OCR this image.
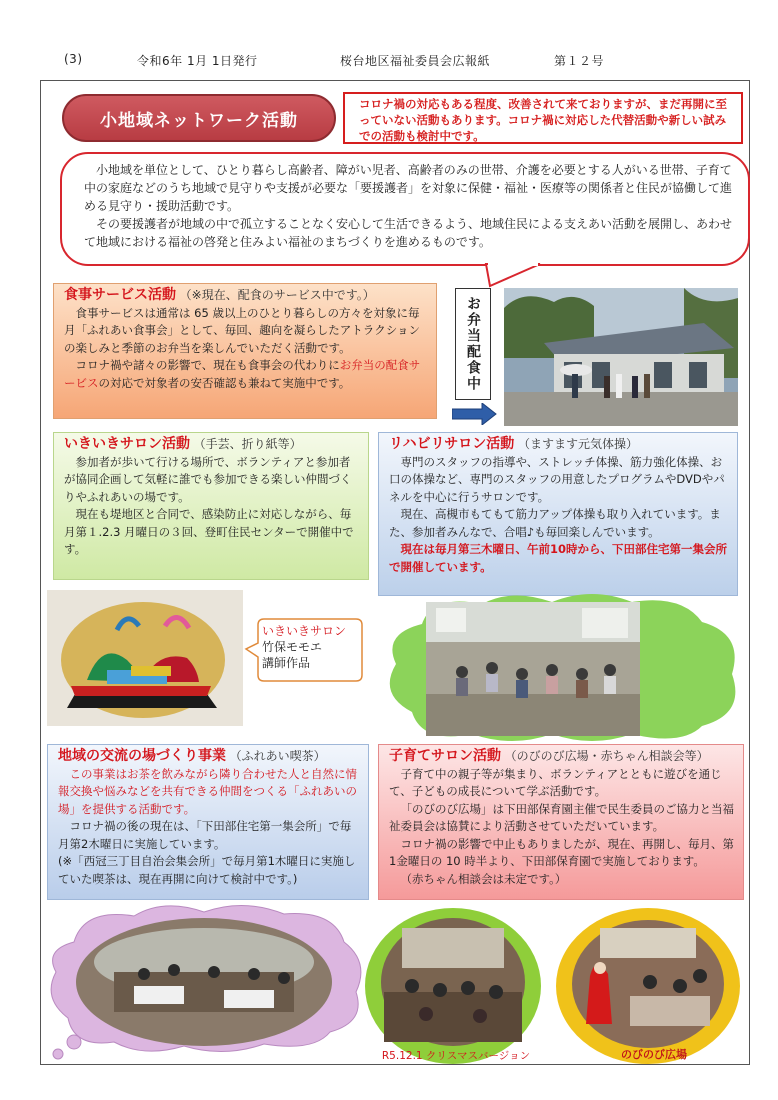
(3)	令和6年 1月 1日発行	桜台地区福祉委員会広報紙	第１２号
小地域ネットワーク活動
コロナ禍の対応もある程度、改善されて来ておりますが、まだ再開に至っていない活動もあります。コロナ禍に対応した代替活動や新しい試みでの活動も検討中です。

小地域を単位として、ひとり暮らし高齢者、障がい児者、高齢者のみの世帯、介護を必要とする人がいる世帯、子育て中の家庭などのうち地域で見守りや支援が必要な「要援護者」を対象に保健・福祉・医療等の関係者と住民が協働して進める見守り・援助活動です。

その要援護者が地域の中で孤立することなく安心して生活できるよう、地域住民による支えあい活動を展開し、あわせて地域における福祉の啓発と住みよい福祉のまちづくりを進めるものです。

食事サービス活動 （※現在、配食のサービス中です。）

食事サービスは通常は 65 歳以上のひとり暮らしの方々を対象に毎月「ふれあい食事会」として、毎回、趣向を凝らしたアトラクションの楽しみと季節のお弁当を楽しんでいただく活動です。

コロナ禍や諸々の影響で、現在も食事会の代わりにお弁当の配食サービスの対応で対象者の安否確認も兼ねて実施中です。	お弁当配食中
いきいきサロン活動 （手芸、折り紙等）

参加者が歩いて行ける場所で、ボランティアと参加者が協同企画して気軽に誰でも参加できる楽しい仲間づくりやふれあいの場です。

現在も堤地区と合同で、感染防止に対応しながら、毎月第１.2.3 月曜日の３回、登町住民センターで開催中です。

リハビリサロン活動 （ますます元気体操）

専門のスタッフの指導や、ストレッチ体操、筋力強化体操、お口の体操など、専門のスタッフの用意したプログラムやDVDやパネルを中心に行うサロンです。

現在、高槻市もてもて筋力アップ体操も取り入れています。また、参加者みんなで、合唱♪も毎回楽しんでいます。

現在は毎月第三木曜日、午前10時から、下田部住宅第一集会所で開催しています。

いきいきサロン
竹保モモエ
講師作品
地域の交流の場づくり事業 （ふれあい喫茶）

この事業はお茶を飲みながら隣り合わせた人と自然に情報交換や悩みなどを共有できる仲間をつくる「ふれあいの場」を提供する活動です。

コロナ禍の後の現在は、「下田部住宅第一集会所」で毎月第2木曜日に実施しています。

(※「西冠三丁目自治会集会所」で毎月第1木曜日に実施していた喫茶は、現在再開に向けて検討中です。)
子育てサロン活動 （のびのび広場・赤ちゃん相談会等）

子育て中の親子等が集まり、ボランティアとともに遊びを通じて、子どもの成長について学ぶ活動です。

「のびのび広場」は下田部保育園主催で民生委員のご協力と当福祉委員会は協賛により活動させていただいています。

コロナ禍の影響で中止もありましたが、現在、再開し、毎月、第1金曜日の 10 時半より、下田部保育園で実施しております。

（赤ちゃん相談会は未定です。）

R5.12.1 クリスマスバージョン	のびのび広場
